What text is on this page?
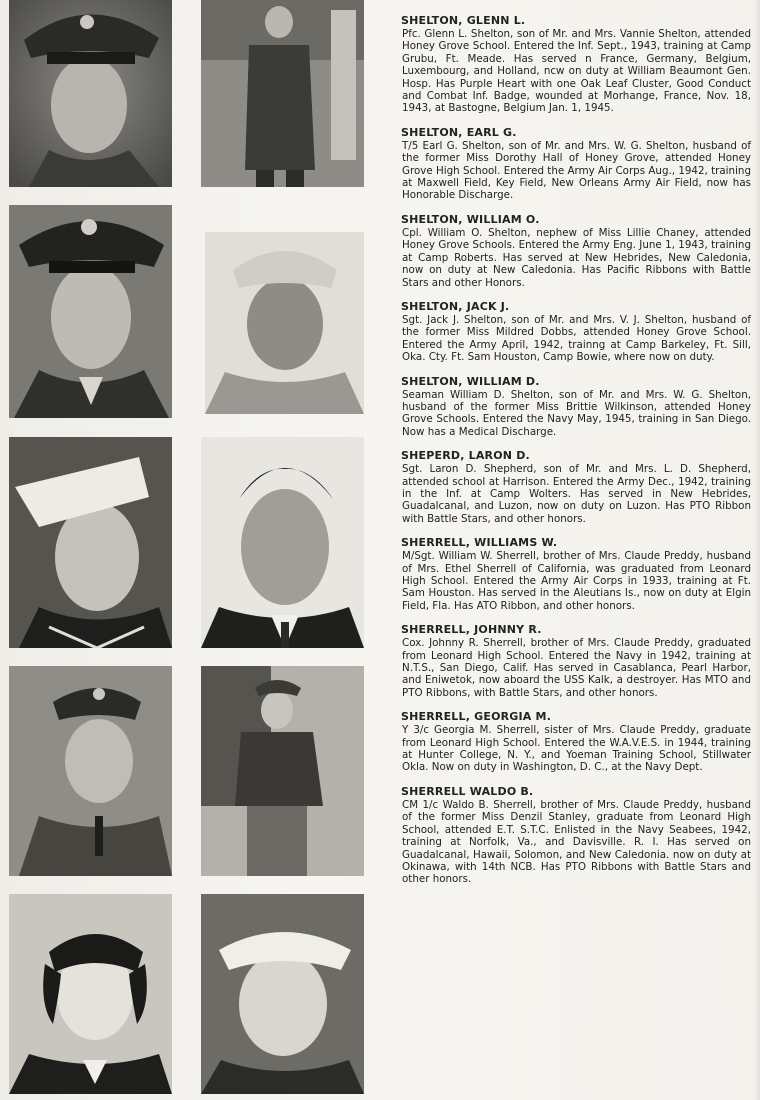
SHELTON, GLENN L.

Pfc. Glenn L. Shelton, son of Mr. and Mrs. Vannie Shelton, attended Honey Grove School. Entered the Inf. Sept., 1943, training at Camp Grubu, Ft. Meade. Has served n France, Germany, Belgium, Luxembourg, and Holland, ncw on duty at William Beaumont Gen. Hosp. Has Purple Heart with one Oak Leaf Cluster, Good Conduct and Combat Inf. Badge, wounded at Morhange, France, Nov. 18, 1943, at Bastogne, Belgium Jan. 1, 1945.

SHELTON, EARL G.

T/5 Earl G. Shelton, son of Mr. and Mrs. W. G. Shelton, husband of the former Miss Dorothy Hall of Honey Grove, attended Honey Grove High School. Entered the Army Air Corps Aug., 1942, training at Maxwell Field, Key Field, New Orleans Army Air Field, now has Honorable Discharge.

SHELTON, WILLIAM O.

Cpl. William O. Shelton, nephew of Miss Lillie Chaney, attended Honey Grove Schools. Entered the Army Eng. June 1, 1943, training at Camp Roberts. Has served at New Hebrides, New Caledonia, now on duty at New Caledonia. Has Pacific Ribbons with Battle Stars and other Honors.

SHELTON, JACK J.

Sgt. Jack J. Shelton, son of Mr. and Mrs. V. J. Shelton, husband of the former Miss Mildred Dobbs, attended Honey Grove School. Entered the Army April, 1942, trainng at Camp Barkeley, Ft. Sill, Oka. Cty. Ft. Sam Houston, Camp Bowie, where now on duty.

SHELTON, WILLIAM D.

Seaman William D. Shelton, son of Mr. and Mrs. W. G. Shelton, husband of the former Miss Brittie Wilkinson, attended Honey Grove Schools. Entered the Navy May, 1945, training in San Diego. Now has a Medical Discharge.

SHEPERD, LARON D.

Sgt. Laron D. Shepherd, son of Mr. and Mrs. L. D. Shepherd, attended school at Harrison. Entered the Army Dec., 1942, training in the Inf. at Camp Wolters. Has served in New Hebrides, Guadalcanal, and Luzon, now on duty on Luzon. Has PTO Ribbon with Battle Stars, and other honors.

SHERRELL, WILLIAMS W.

M/Sgt. William W. Sherrell, brother of Mrs. Claude Preddy, husband of Mrs. Ethel Sherrell of California, was graduated from Leonard High School. Entered the Army Air Corps in 1933, training at Ft. Sam Houston. Has served in the Aleutians Is., now on duty at Elgin Field, Fla. Has ATO Ribbon, and other honors.

SHERRELL, JOHNNY R.

Cox. Johnny R. Sherrell, brother of Mrs. Claude Preddy, graduated from Leonard High School. Entered the Navy in 1942, training at N.T.S., San Diego, Calif. Has served in Casablanca, Pearl Harbor, and Eniwetok, now aboard the USS Kalk, a destroyer. Has MTO and PTO Ribbons, with Battle Stars, and other honors.

SHERRELL, GEORGIA M.

Y 3/c Georgia M. Sherrell, sister of Mrs. Claude Preddy, graduate from Leonard High School. Entered the W.A.V.E.S. in 1944, training at Hunter College, N. Y., and Yoeman Training School, Stillwater Okla. Now on duty in Washington, D. C., at the Navy Dept.

SHERRELL WALDO B.

CM 1/c Waldo B. Sherrell, brother of Mrs. Claude Preddy, husband of the former Miss Denzil Stanley, graduate from Leonard High School, attended E.T. S.T.C. Enlisted in the Navy Seabees, 1942, training at Norfolk, Va., and Davisville. R. I. Has served on Guadalcanal, Hawaii, Solomon, and New Caledonia. now on duty at Okinawa, with 14th NCB. Has PTO Ribbons with Battle Stars and other honors.
